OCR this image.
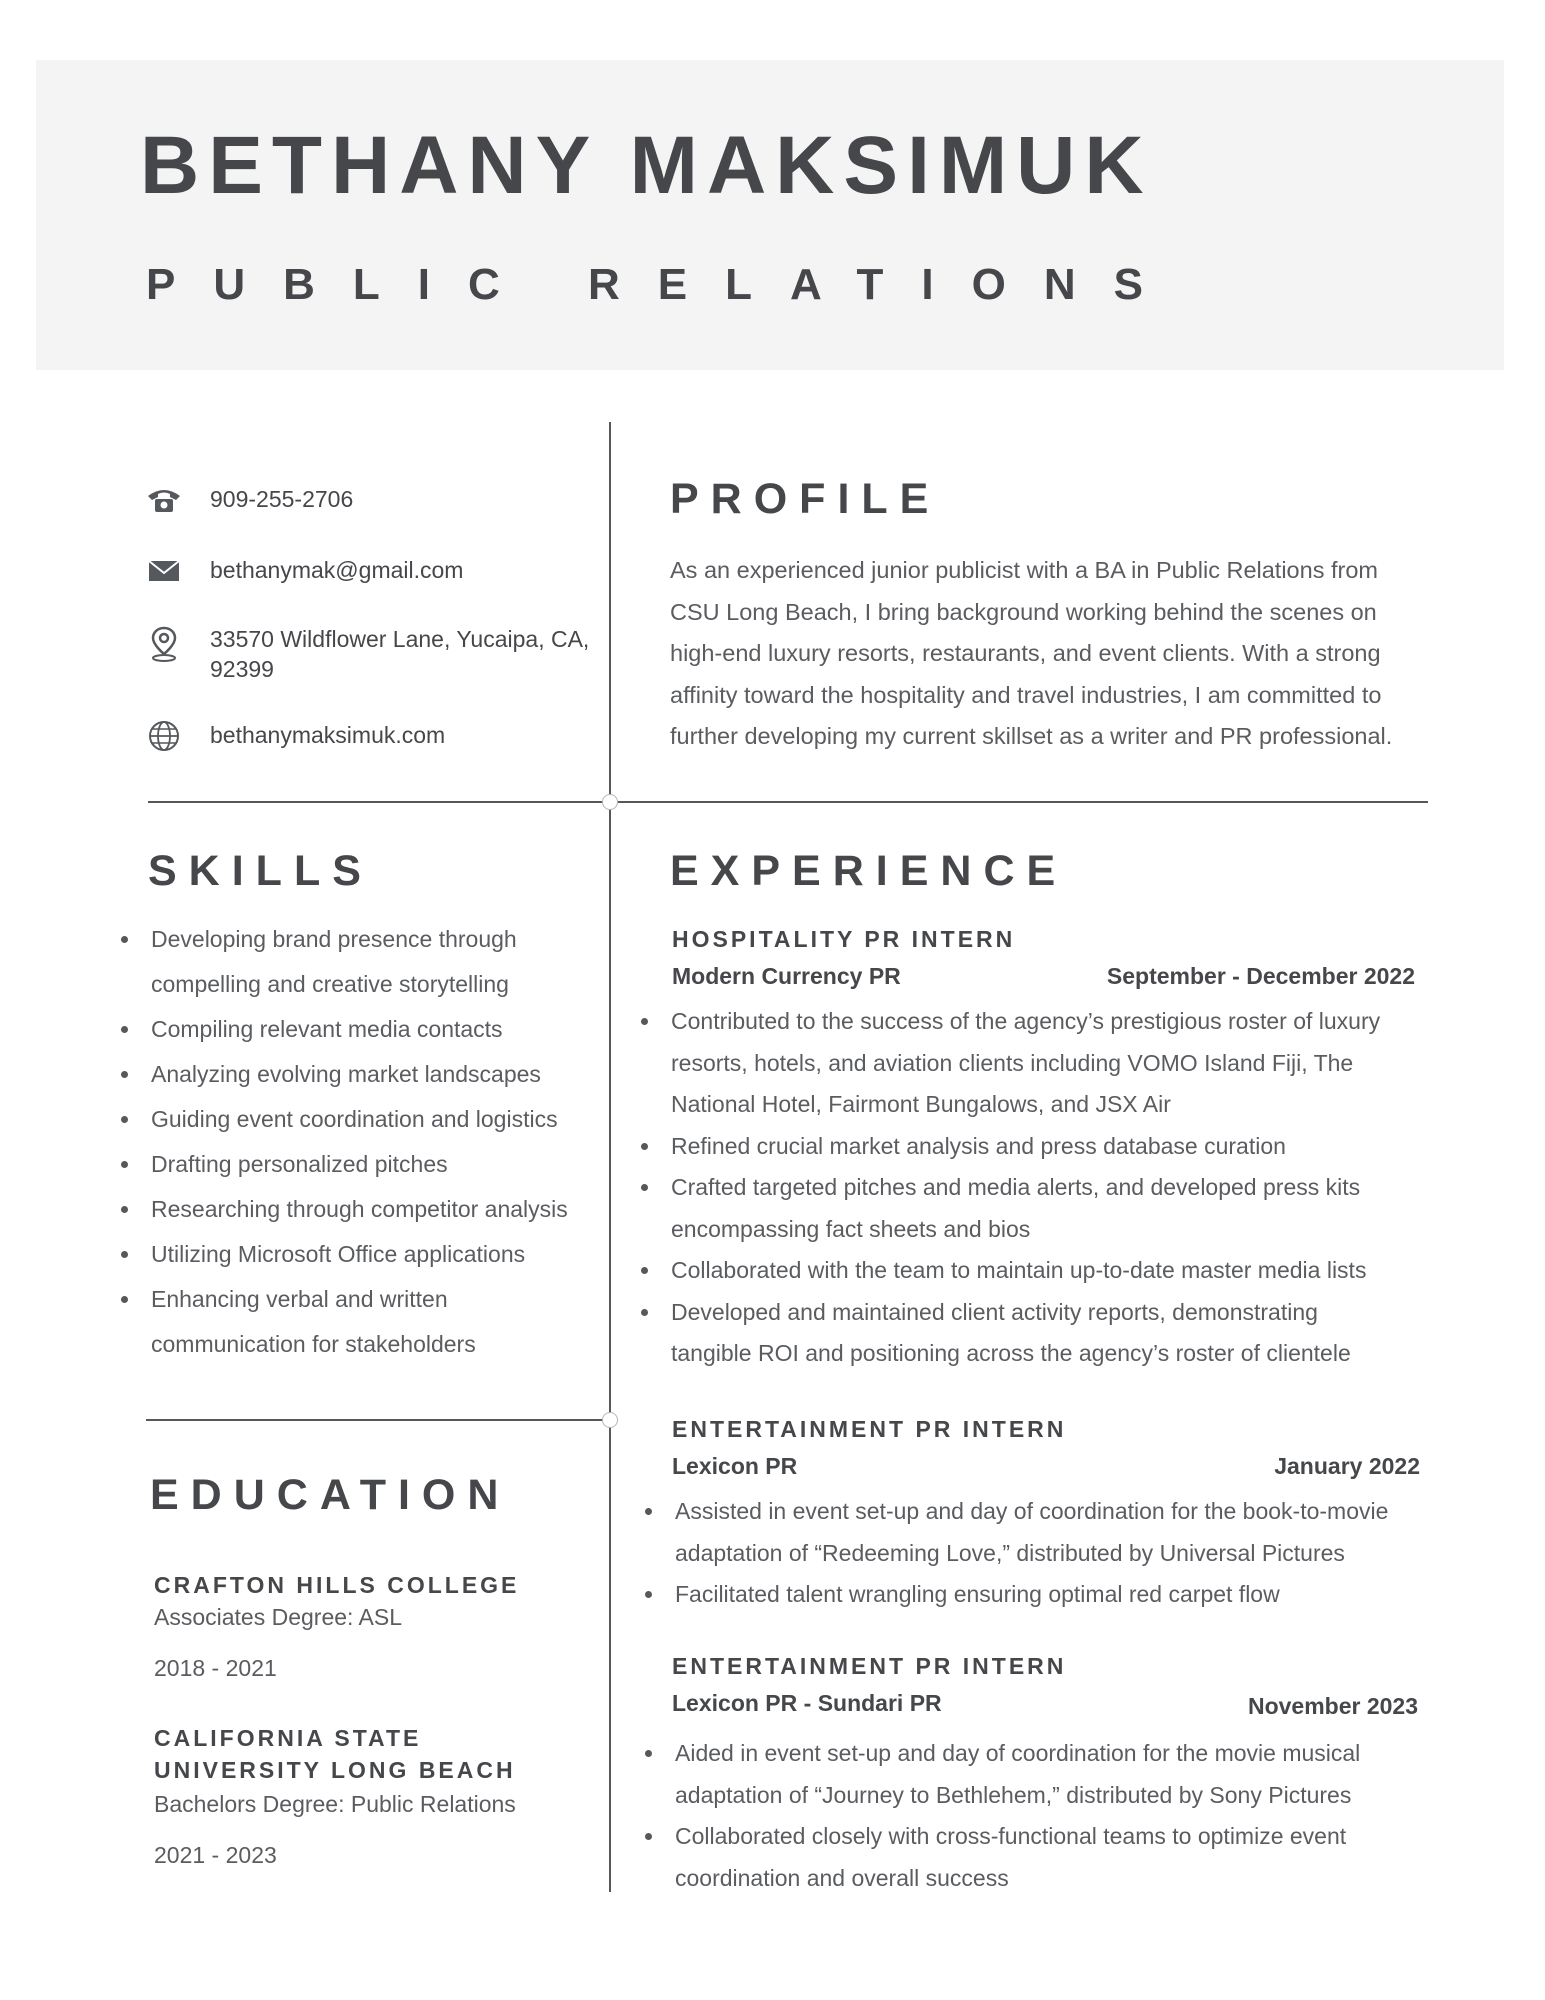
BETHANY MAKSIMUK
PUBLIC RELATIONS
909-255-2706
bethanymak@gmail.com
33570 Wildflower Lane, Yucaipa, CA, 92399
bethanymaksimuk.com
PROFILE
As an experienced junior publicist with a BA in Public Relations from
CSU Long Beach, I bring background working behind the scenes on
high-end luxury resorts, restaurants, and event clients. With a strong
affinity toward the hospitality and travel industries, I am committed to
further developing my current skillset as a writer and PR professional.
SKILLS
Developing brand presence through
compelling and creative storytelling
Compiling relevant media contacts
Analyzing evolving market landscapes
Guiding event coordination and logistics
Drafting personalized pitches
Researching through competitor analysis
Utilizing Microsoft Office applications
Enhancing verbal and written
communication for stakeholders
EDUCATION
CRAFTON HILLS COLLEGE
Associates Degree: ASL
2018 - 2021
CALIFORNIA STATE
UNIVERSITY LONG BEACH
Bachelors Degree: Public Relations
2021 - 2023
EXPERIENCE
HOSPITALITY PR INTERN
Modern Currency PR	September - December 2022
Contributed to the success of the agency’s prestigious roster of luxury
resorts, hotels, and aviation clients including VOMO Island Fiji, The
National Hotel, Fairmont Bungalows, and JSX Air
Refined crucial market analysis and press database curation
Crafted targeted pitches and media alerts, and developed press kits
encompassing fact sheets and bios
Collaborated with the team to maintain up-to-date master media lists
Developed and maintained client activity reports, demonstrating
tangible ROI and positioning across the agency’s roster of clientele
ENTERTAINMENT PR INTERN
Lexicon PR	January 2022
Assisted in event set-up and day of coordination for the book-to-movie
adaptation of “Redeeming Love,” distributed by Universal Pictures
Facilitated talent wrangling ensuring optimal red carpet flow
ENTERTAINMENT PR INTERN
Lexicon PR - Sundari PR	November 2023
Aided in event set-up and day of coordination for the movie musical
adaptation of “Journey to Bethlehem,” distributed by Sony Pictures
Collaborated closely with cross-functional teams to optimize event
coordination and overall success
